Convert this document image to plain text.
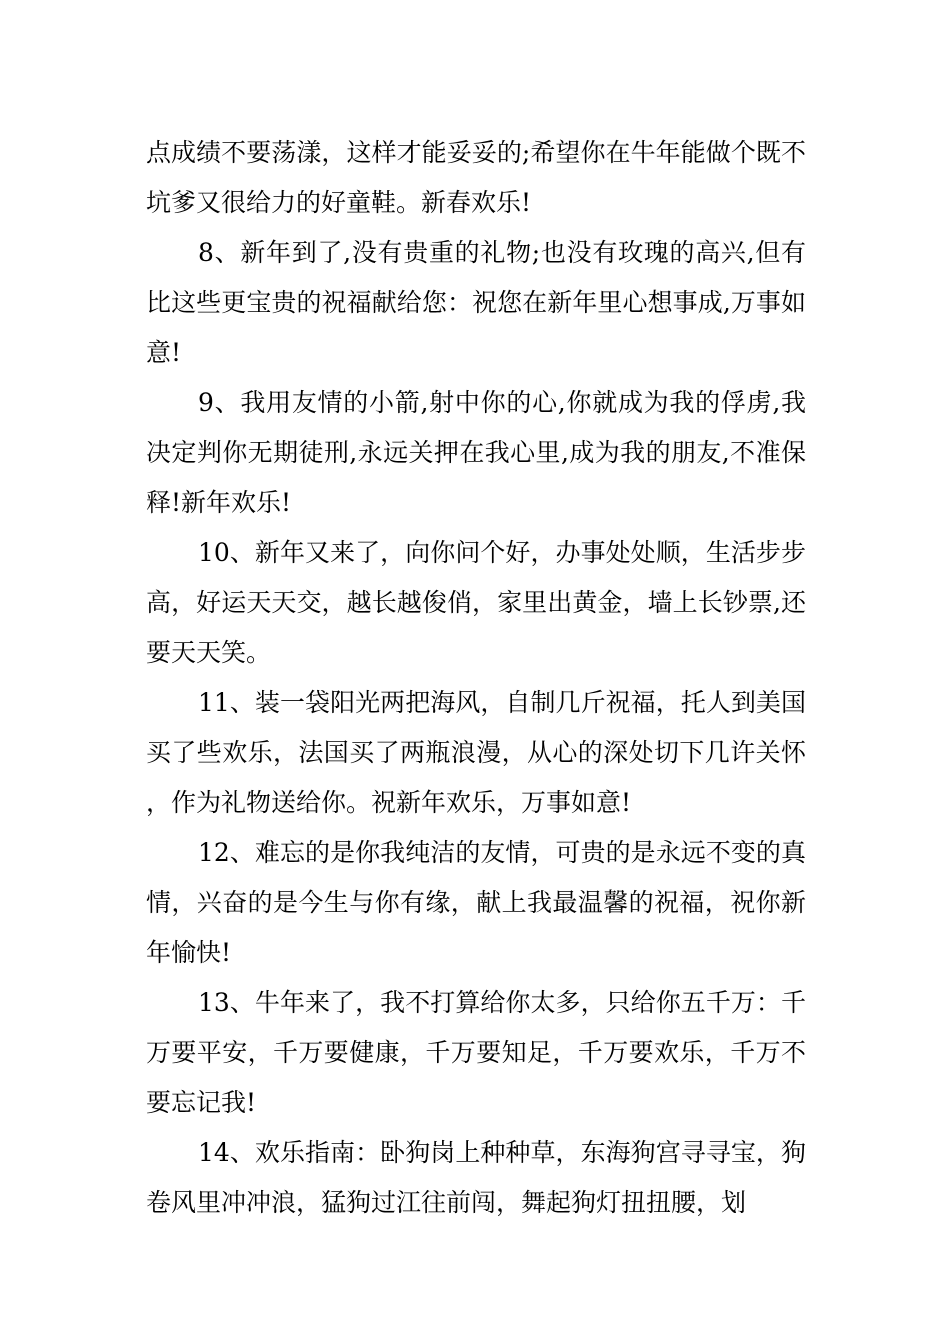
点成绩不要荡漾，这样才能妥妥的;希望你在牛年能做个既不坑爹又很给力的好童鞋。新春欢乐!

8、新年到了,没有贵重的礼物;也没有玫瑰的高兴,但有比这些更宝贵的祝福献给您：祝您在新年里心想事成,万事如意!

9、我用友情的小箭,射中你的心,你就成为我的俘虏,我决定判你无期徒刑,永远关押在我心里,成为我的朋友,不准保释!新年欢乐!

10、新年又来了，向你问个好，办事处处顺，生活步步高，好运天天交，越长越俊俏，家里出黄金，墙上长钞票,还要天天笑。

11、装一袋阳光两把海风，自制几斤祝福，托人到美国买了些欢乐，法国买了两瓶浪漫，从心的深处切下几许关怀，作为礼物送给你。祝新年欢乐，万事如意!

12、难忘的是你我纯洁的友情，可贵的是永远不变的真情，兴奋的是今生与你有缘，献上我最温馨的祝福，祝你新年愉快!

13、牛年来了，我不打算给你太多，只给你五千万：千万要平安，千万要健康，千万要知足，千万要欢乐，千万不要忘记我!

14、欢乐指南：卧狗岗上种种草，东海狗宫寻寻宝，狗卷风里冲冲浪，猛狗过江往前闯，舞起狗灯扭扭腰，划
